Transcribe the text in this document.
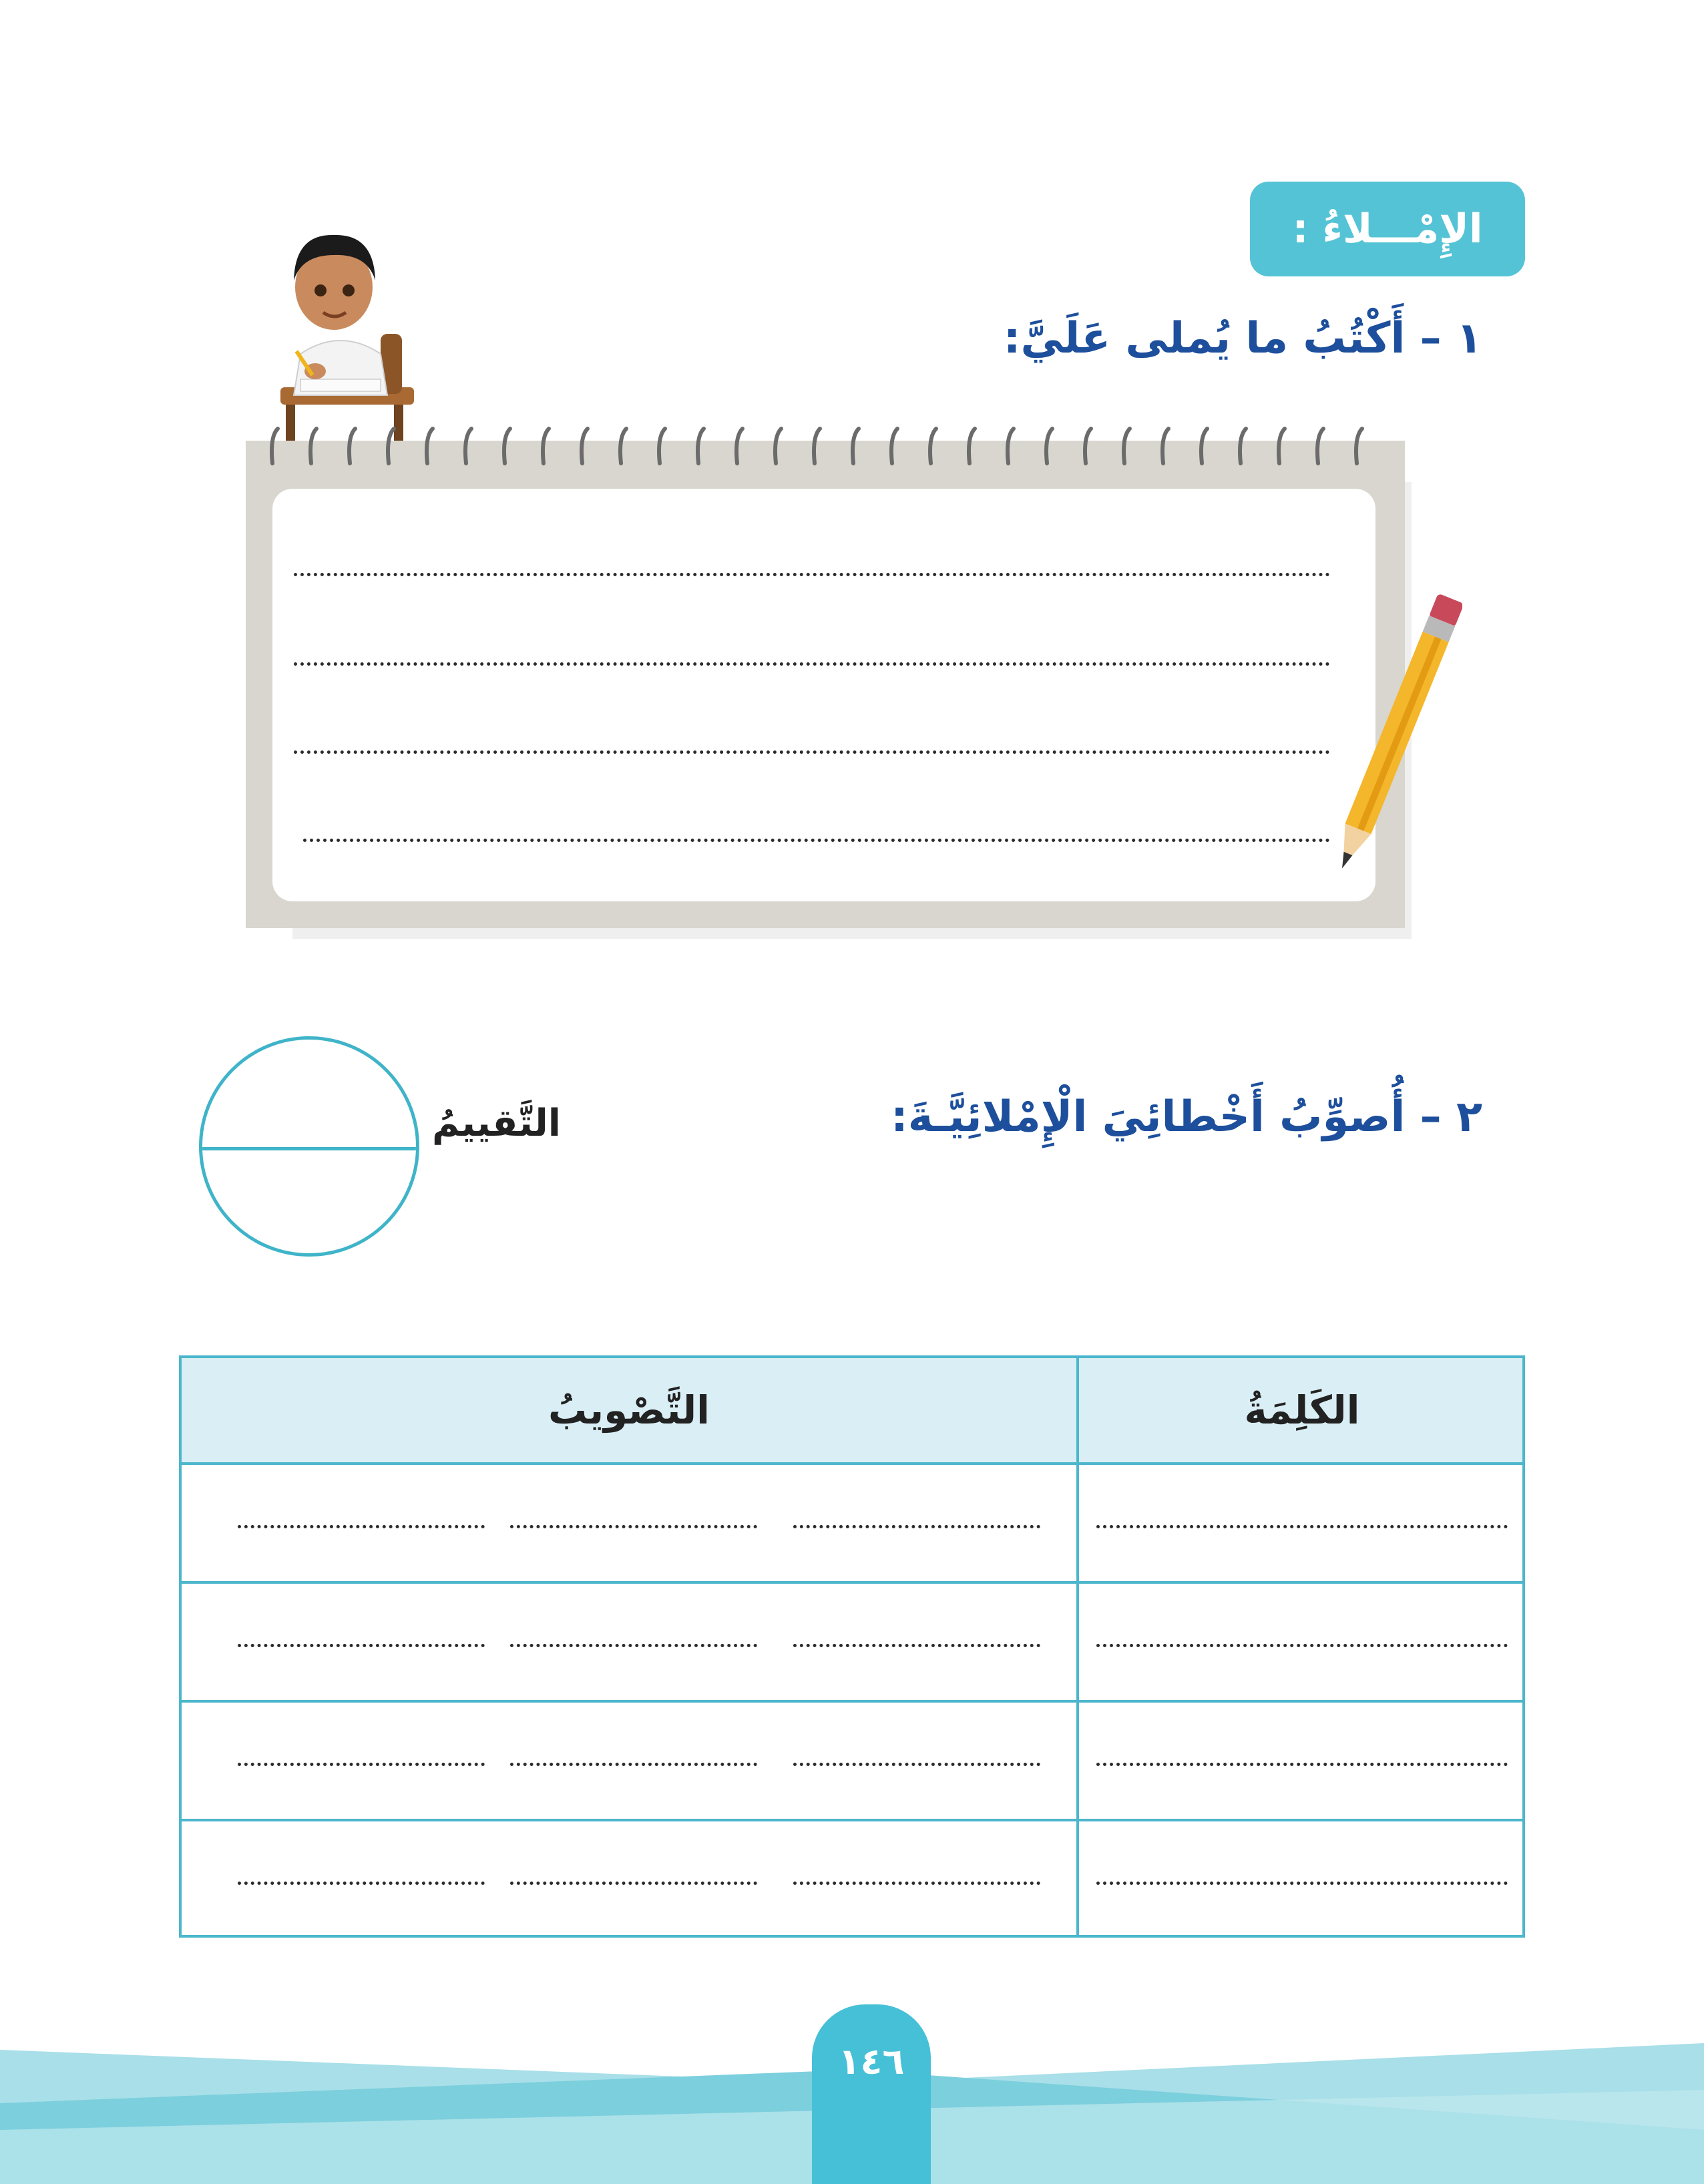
الإِمْـــلاءُ :
١ – أَكْتُبُ ما يُملى عَلَيَّ:
٢ – أُصوِّبُ أَخْطائِيَ الْإِمْلائِيَّـةَ:
التَّقييمُ
الكَلِمَةُ
التَّصْويبُ
١٤٦
